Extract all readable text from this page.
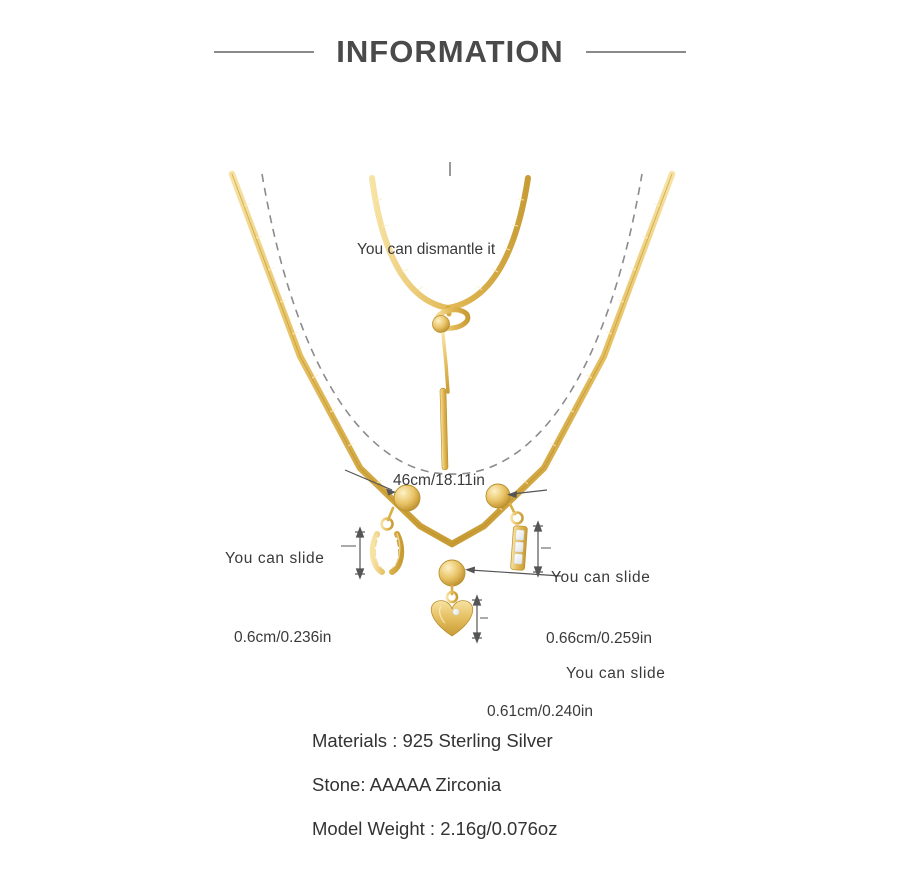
INFORMATION
You can dismantle it
46cm/18.11in
You can slide
You can slide
You can slide
0.6cm/0.236in	0.66cm/0.259in
0.61cm/0.240in
Materials : 925 Sterling Silver
Stone: AAAAA Zirconia
Model Weight : 2.16g/0.076oz
